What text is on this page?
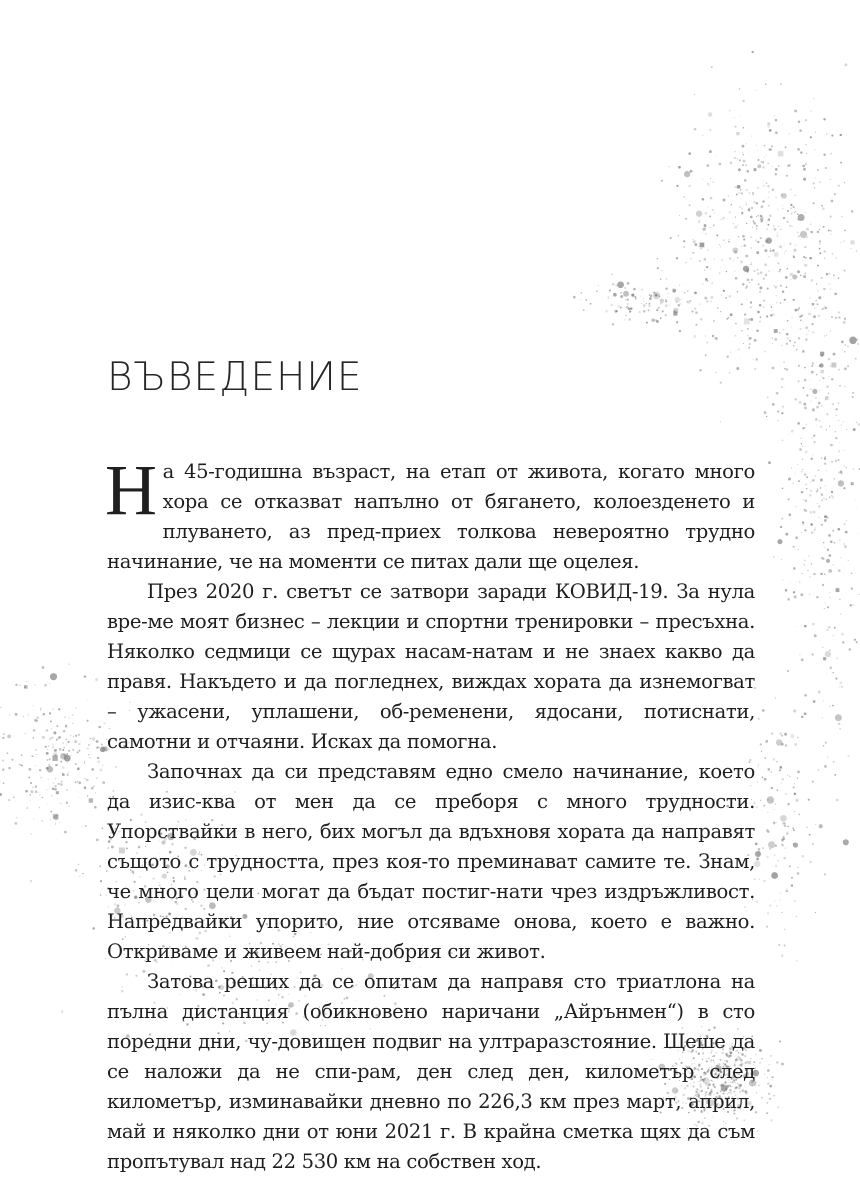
ВЪВЕДЕНИЕ

На 45-годишна възраст, на етап от живота, когато много хора се отказват напълно от бягането, колоезденето и плуването, аз пред-приех толкова невероятно трудно начинание, че на моменти се питах дали ще оцелея.

През 2020 г. светът се затвори заради КОВИД-19. За нула вре-ме моят бизнес – лекции и спортни тренировки – пресъхна. Няколко седмици се щурах насам-натам и не знаех какво да правя. Накъдето и да погледнех, виждах хората да изнемогват – ужасени, уплашени, об-ременени, ядосани, потиснати, самотни и отчаяни. Исках да помогна.

Започнах да си представям едно смело начинание, което да изис-ква от мен да се преборя с много трудности. Упорствайки в него, бих могъл да вдъхновя хората да направят същото с трудността, през коя-то преминават самите те. Знам, че много цели могат да бъдат постиг-нати чрез издръжливост. Напредвайки упорито, ние отсяваме онова, което е важно. Откриваме и живеем най-добрия си живот.

Затова реших да се опитам да направя сто триатлона на пълна дистанция (обикновено наричани „Айрънмен“) в сто поредни дни, чу-довищен подвиг на ултраразстояние. Щеше да се наложи да не спи-рам, ден след ден, километър след километър, изминавайки дневно по 226,3 км през март, април, май и няколко дни от юни 2021 г. В крайна сметка щях да съм пропътувал над 22 530 км на собствен ход.
